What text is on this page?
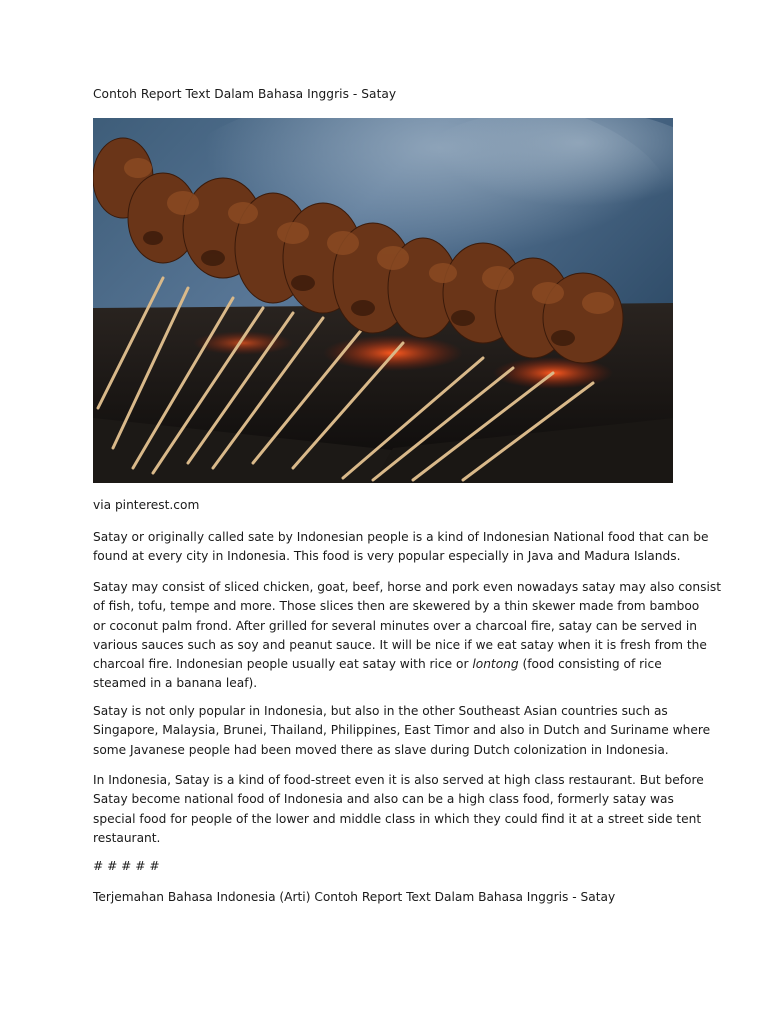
Contoh Report Text Dalam Bahasa Inggris - Satay
via pinterest.com

Satay or originally called sate by Indonesian people is a kind of Indonesian National food that can be
found at every city in Indonesia. This food is very popular especially in Java and Madura Islands.

Satay may consist of sliced chicken, goat, beef, horse and pork even nowadays satay may also consist
of fish, tofu, tempe and more. Those slices then are skewered by a thin skewer made from bamboo
or coconut palm frond. After grilled for several minutes over a charcoal fire, satay can be served in
various sauces such as soy and peanut sauce. It will be nice if we eat satay when it is fresh from the
charcoal fire. Indonesian people usually eat satay with rice or lontong (food consisting of rice
steamed in a banana leaf).

Satay is not only popular in Indonesia, but also in the other Southeast Asian countries such as
Singapore, Malaysia, Brunei, Thailand, Philippines, East Timor and also in Dutch and Suriname where
some Javanese people had been moved there as slave during Dutch colonization in Indonesia.

In Indonesia, Satay is a kind of food-street even it is also served at high class restaurant. But before
Satay become national food of Indonesia and also can be a high class food, formerly satay was
special food for people of the lower and middle class in which they could find it at a street side tent
restaurant.

# # # # #
Terjemahan Bahasa Indonesia (Arti) Contoh Report Text Dalam Bahasa Inggris - Satay
